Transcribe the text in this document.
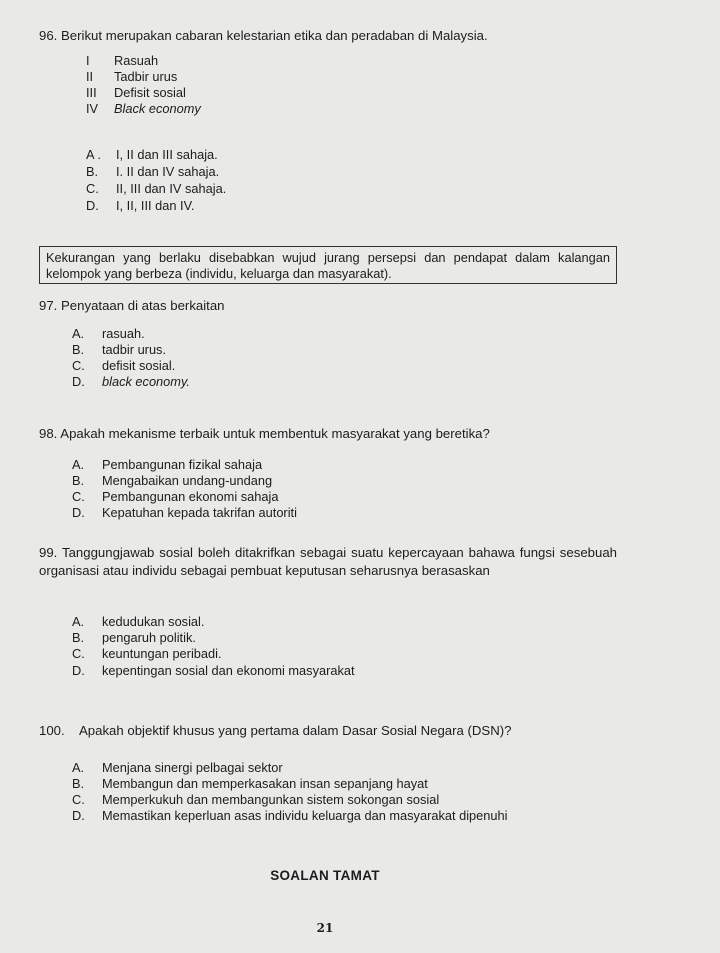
96. Berikut merupakan cabaran kelestarian etika dan peradaban di Malaysia.
I Rasuah
II Tadbir urus
III Defisit sosial
IV Black economy
A . I, II dan III sahaja.
B. I. II dan IV sahaja.
C. II, III dan IV sahaja.
D. I, II, III dan IV.
Kekurangan yang berlaku disebabkan wujud jurang persepsi dan pendapat dalam kalangan kelompok yang berbeza (individu, keluarga dan masyarakat).
97. Penyataan di atas berkaitan
A. rasuah.
B. tadbir urus.
C. defisit sosial.
D. black economy.
98. Apakah mekanisme terbaik untuk membentuk masyarakat yang beretika?
A. Pembangunan fizikal sahaja
B. Mengabaikan undang-undang
C. Pembangunan ekonomi sahaja
D. Kepatuhan kepada takrifan autoriti
99. Tanggungjawab sosial boleh ditakrifkan sebagai suatu kepercayaan bahawa fungsi sesebuah organisasi atau individu sebagai pembuat keputusan seharusnya berasaskan
A. kedudukan sosial.
B. pengaruh politik.
C. keuntungan peribadi.
D. kepentingan sosial dan ekonomi masyarakat
100. Apakah objektif khusus yang pertama dalam Dasar Sosial Negara (DSN)?
A. Menjana sinergi pelbagai sektor
B. Membangun dan memperkasakan insan sepanjang hayat
C. Memperkukuh dan membangunkan sistem sokongan sosial
D. Memastikan keperluan asas individu keluarga dan masyarakat dipenuhi
SOALAN TAMAT
21
